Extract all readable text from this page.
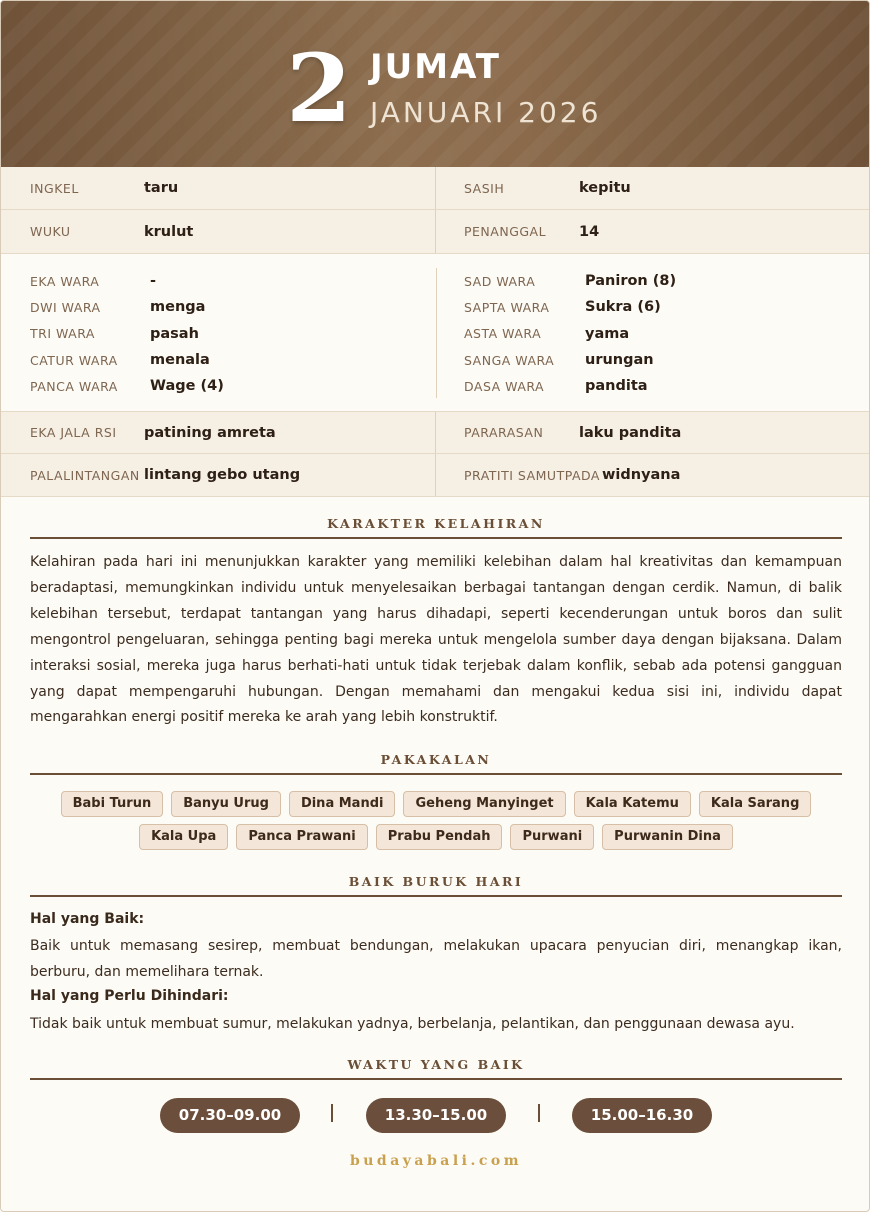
2 JUMAT
JANUARI 2026
INGKEL	taru	SASIH	kepitu
WUKU	krulut	PENANGGAL 14
EKA WARA	-
DWI WARA	menga
TRI WARA	pasah
CATUR WARA menala
PANCA WARA Wage (4)
SAD WARA	Paniron (8)
SAPTA WARA Sukra (6)
ASTA WARA	yama
SANGA WARA urungan
DASA WARA	pandita
EKA JALA RSI patining amreta	PARARASAN laku pandita
PALALINTANGAN lintang gebo utang	PRATITI SAMUTPADA widnyana
KARAKTER KELAHIRAN
Kelahiran pada hari ini menunjukkan karakter yang memiliki kelebihan dalam hal kreativitas dan kemampuan beradaptasi, memungkinkan individu untuk menyelesaikan berbagai tantangan dengan cerdik. Namun, di balik kelebihan tersebut, terdapat tantangan yang harus dihadapi, seperti kecenderungan untuk boros dan sulit mengontrol pengeluaran, sehingga penting bagi mereka untuk mengelola sumber daya dengan bijaksana. Dalam interaksi sosial, mereka juga harus berhati-hati untuk tidak terjebak dalam konflik, sebab ada potensi gangguan yang dapat mempengaruhi hubungan. Dengan memahami dan mengakui kedua sisi ini, individu dapat mengarahkan energi positif mereka ke arah yang lebih konstruktif.
PAKAKALAN
Babi Turun	Banyu Urug	Dina Mandi	Geheng Manyinget	Kala Katemu	Kala Sarang
Kala Upa	Panca Prawani	Prabu Pendah	Purwani	Purwanin Dina
BAIK BURUK HARI
Hal yang Baik:
Baik untuk memasang sesirep, membuat bendungan, melakukan upacara penyucian diri, menangkap ikan, berburu, dan memelihara ternak.
Hal yang Perlu Dihindari:
Tidak baik untuk membuat sumur, melakukan yadnya, berbelanja, pelantikan, dan penggunaan dewasa ayu.
WAKTU YANG BAIK
07.30–09.00	13.30–15.00	15.00–16.30
budayabali.com
